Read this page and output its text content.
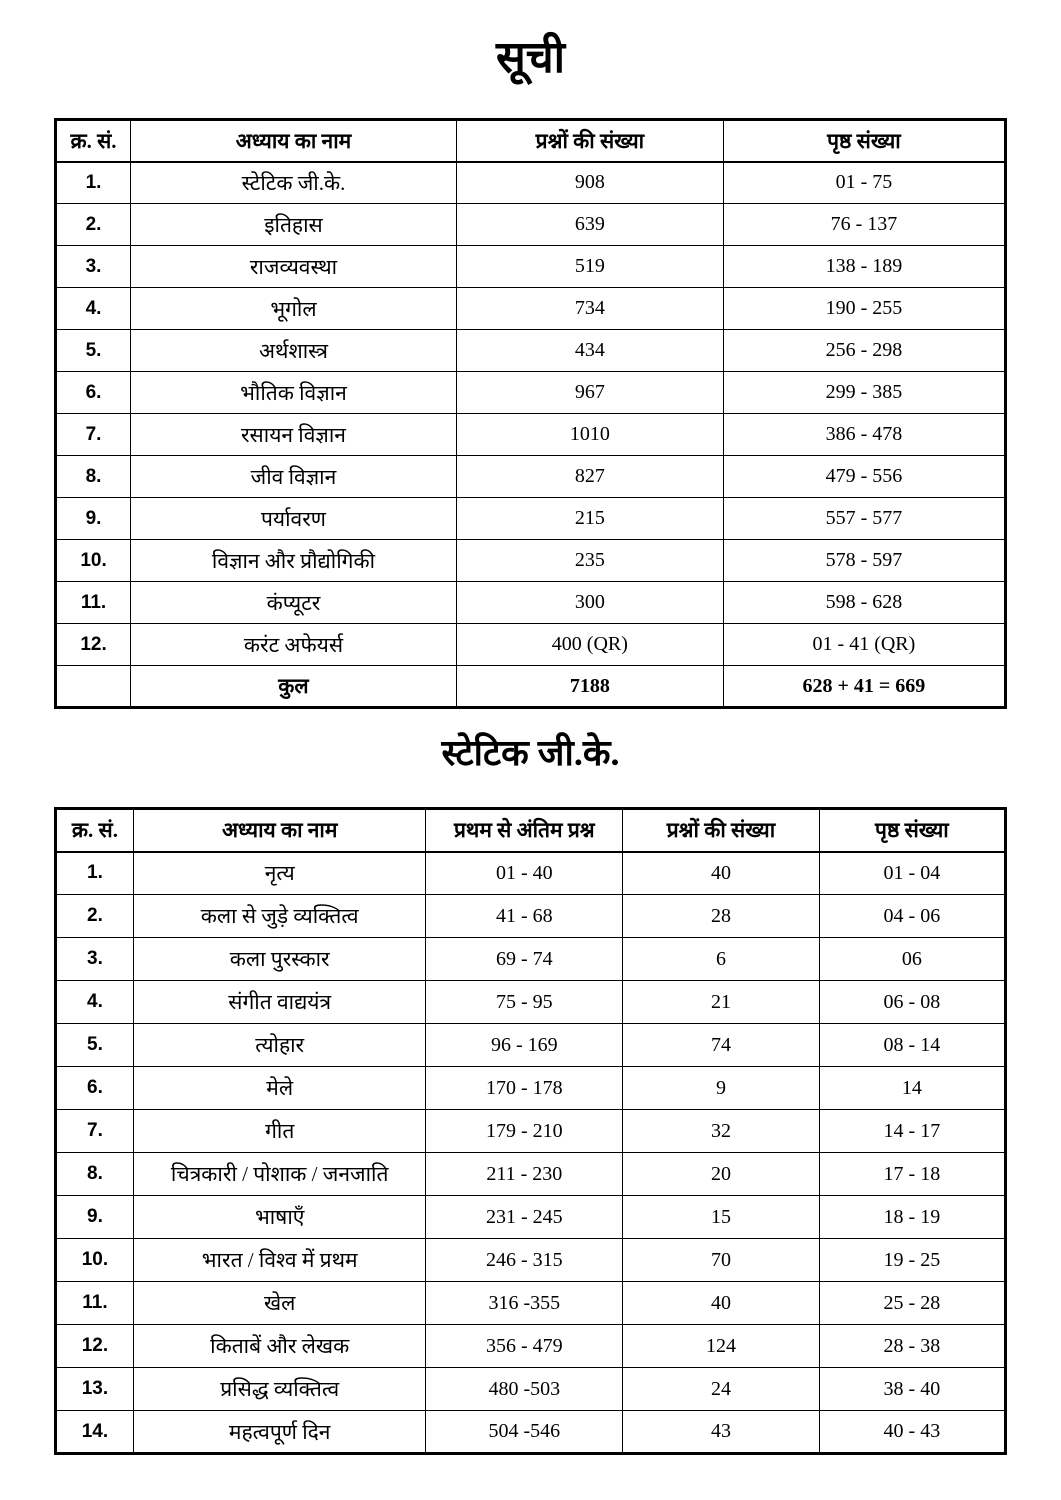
सूची
क्र. सं.	अध्याय का नाम	प्रश्नों की संख्या	पृष्ठ संख्या
1.	स्टेटिक जी.के.	908	01 - 75
2.	इतिहास	639	76 - 137
3.	राजव्यवस्था	519	138 - 189
4.	भूगोल	734	190 - 255
5.	अर्थशास्त्र	434	256 - 298
6.	भौतिक विज्ञान	967	299 - 385
7.	रसायन विज्ञान	1010	386 - 478
8.	जीव विज्ञान	827	479 - 556
9.	पर्यावरण	215	557 - 577
10.	विज्ञान और प्रौद्योगिकी	235	578 - 597
11.	कंप्यूटर	300	598 - 628
12.	करंट अफेयर्स	400 (QR)	01 - 41 (QR)
	कुल	7188	628 + 41 = 669
स्टेटिक जी.के.
क्र. सं.	अध्याय का नाम	प्रथम से अंतिम प्रश्न	प्रश्नों की संख्या	पृष्ठ संख्या
1.	नृत्य	01 - 40	40	01 - 04
2.	कला से जुड़े व्यक्तित्व	41 - 68	28	04 - 06
3.	कला पुरस्कार	69 - 74	6	06
4.	संगीत वाद्ययंत्र	75 - 95	21	06 - 08
5.	त्योहार	96 - 169	74	08 - 14
6.	मेले	170 - 178	9	14
7.	गीत	179 - 210	32	14 - 17
8.	चित्रकारी / पोशाक / जनजाति	211 - 230	20	17 - 18
9.	भाषाएँ	231 - 245	15	18 - 19
10.	भारत / विश्व में प्रथम	246 - 315	70	19 - 25
11.	खेल	316 -355	40	25 - 28
12.	किताबें और लेखक	356 - 479	124	28 - 38
13.	प्रसिद्ध व्यक्तित्व	480 -503	24	38 - 40
14.	महत्वपूर्ण दिन	504 -546	43	40 - 43
